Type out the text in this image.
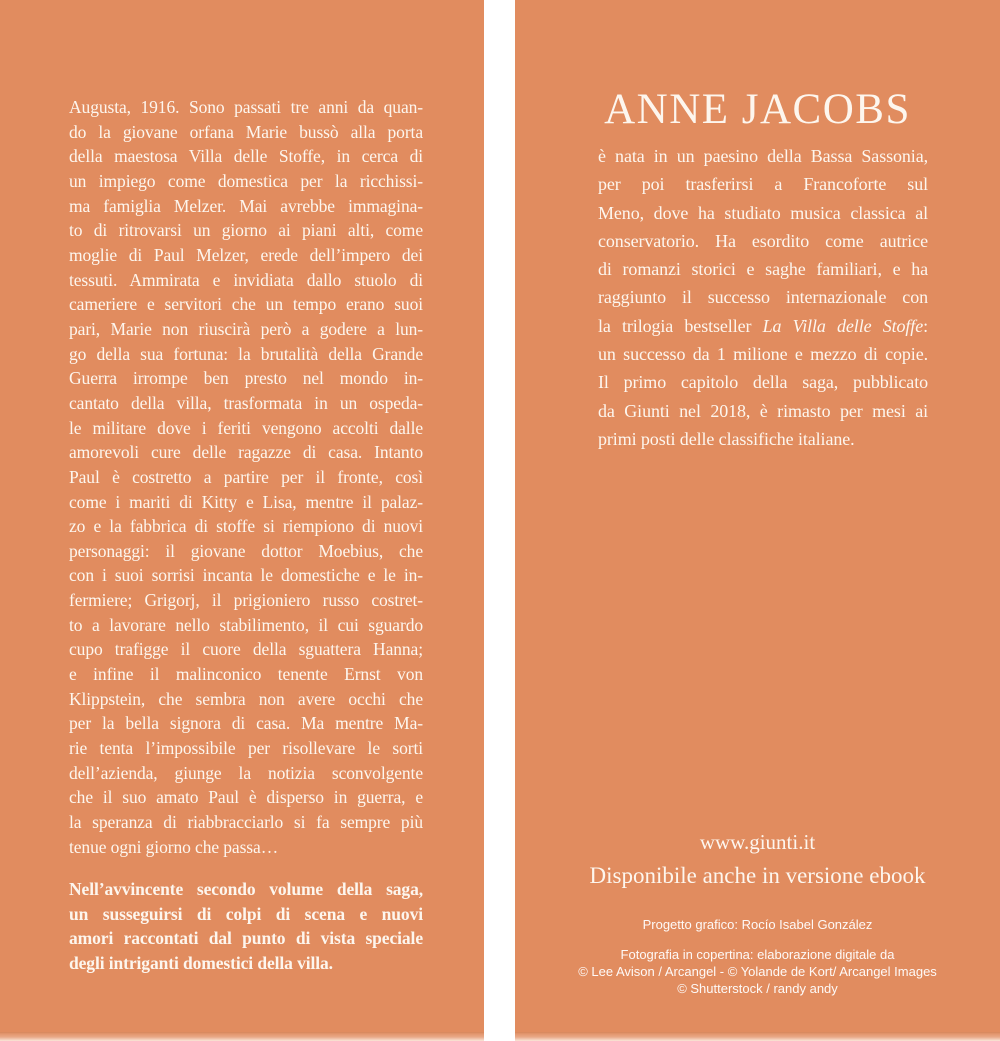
Augusta, 1916. Sono passati tre anni da quan-
do la giovane orfana Marie bussò alla porta
della maestosa Villa delle Stoffe, in cerca di
un impiego come domestica per la ricchissi-
ma famiglia Melzer. Mai avrebbe immagina-
to di ritrovarsi un giorno ai piani alti, come
moglie di Paul Melzer, erede dell’impero dei
tessuti. Ammirata e invidiata dallo stuolo di
cameriere e servitori che un tempo erano suoi
pari, Marie non riuscirà però a godere a lun-
go della sua fortuna: la brutalità della Grande
Guerra irrompe ben presto nel mondo in-
cantato della villa, trasformata in un ospeda-
le militare dove i feriti vengono accolti dalle
amorevoli cure delle ragazze di casa. Intanto
Paul è costretto a partire per il fronte, così
come i mariti di Kitty e Lisa, mentre il palaz-
zo e la fabbrica di stoffe si riempiono di nuovi
personaggi: il giovane dottor Moebius, che
con i suoi sorrisi incanta le domestiche e le in-
fermiere; Grigorj, il prigioniero russo costret-
to a lavorare nello stabilimento, il cui sguardo
cupo trafigge il cuore della sguattera Hanna;
e infine il malinconico tenente Ernst von
Klippstein, che sembra non avere occhi che
per la bella signora di casa. Ma mentre Ma-
rie tenta l’impossibile per risollevare le sorti
dell’azienda, giunge la notizia sconvolgente
che il suo amato Paul è disperso in guerra, e
la speranza di riabbracciarlo si fa sempre più
tenue ogni giorno che passa…
Nell’avvincente secondo volume della saga,
un susseguirsi di colpi di scena e nuovi
amori raccontati dal punto di vista speciale
degli intriganti domestici della villa.
ANNE JACOBS
è nata in un paesino della Bassa Sassonia,
per poi trasferirsi a Francoforte sul
Meno, dove ha studiato musica classica al
conservatorio. Ha esordito come autrice
di romanzi storici e saghe familiari, e ha
raggiunto il successo internazionale con
la trilogia bestseller La Villa delle Stoffe:
un successo da 1 milione e mezzo di copie.
Il primo capitolo della saga, pubblicato
da Giunti nel 2018, è rimasto per mesi ai
primi posti delle classifiche italiane.
www.giunti.it
Disponibile anche in versione ebook
Progetto grafico: Rocío Isabel González
Fotografia in copertina: elaborazione digitale da
© Lee Avison / Arcangel - © Yolande de Kort/ Arcangel Images
© Shutterstock / randy andy
